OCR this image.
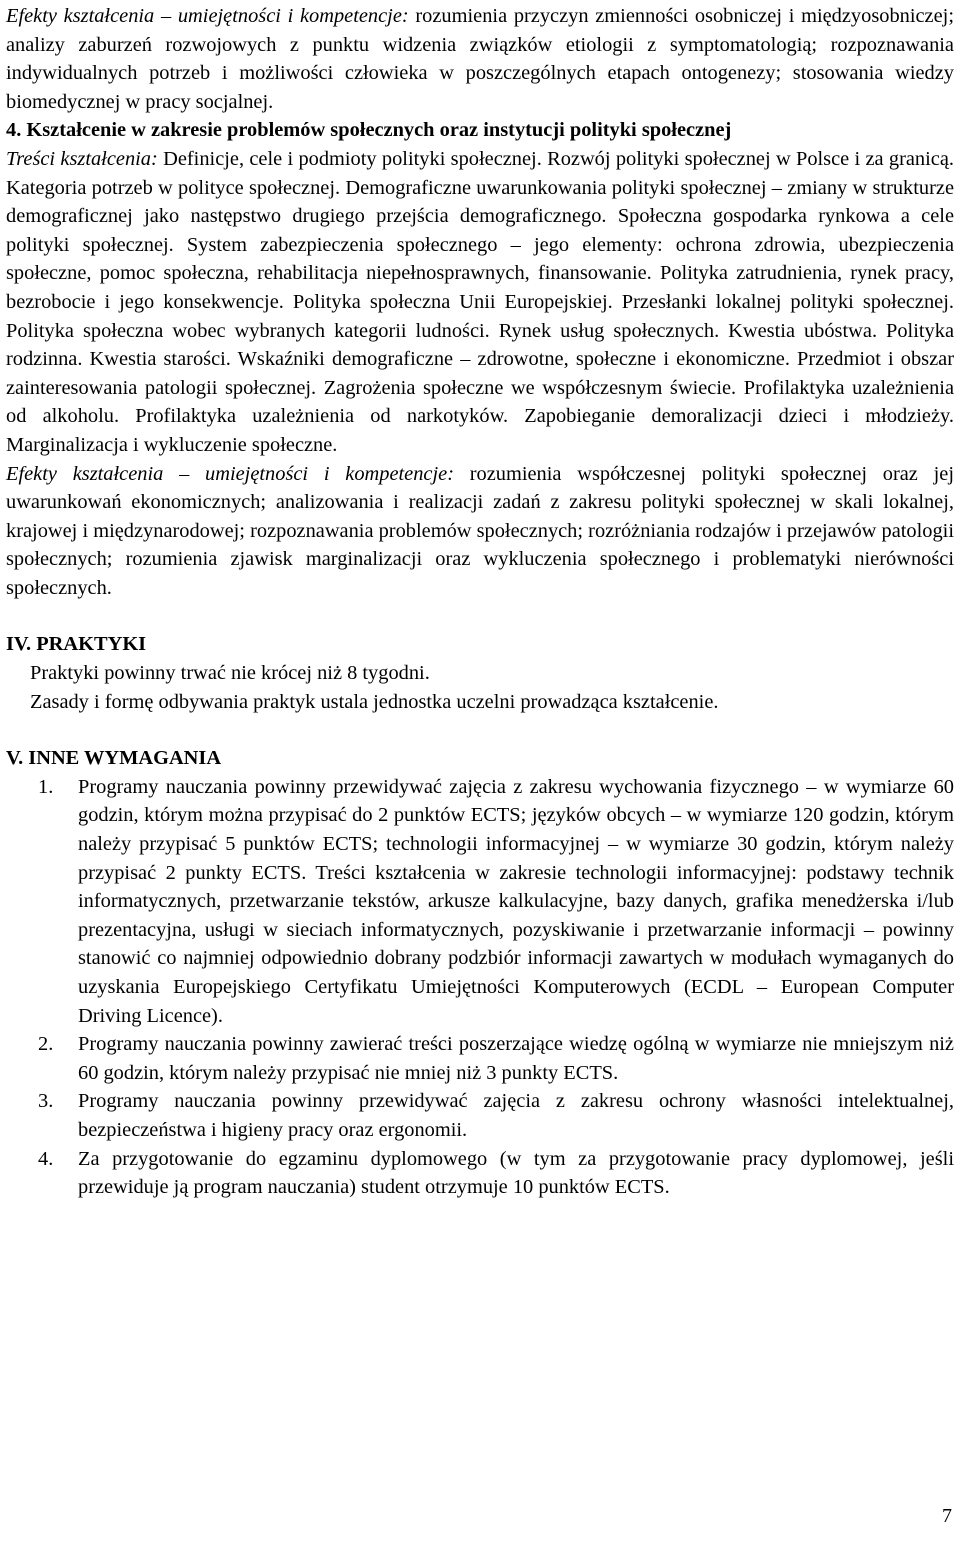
Efekty kształcenia – umiejętności i kompetencje: rozumienia przyczyn zmienności osobniczej i międzyosobniczej; analizy zaburzeń rozwojowych z punktu widzenia związków etiologii z symptomatologią; rozpoznawania indywidualnych potrzeb i możliwości człowieka w poszczególnych etapach ontogenezy; stosowania wiedzy biomedycznej w pracy socjalnej.

4. Kształcenie w zakresie problemów społecznych oraz instytucji polityki społecznej

Treści kształcenia: Definicje, cele i podmioty polityki społecznej. Rozwój polityki społecznej w Polsce i za granicą. Kategoria potrzeb w polityce społecznej. Demograficzne uwarunkowania polityki społecznej – zmiany w strukturze demograficznej jako następstwo drugiego przejścia demograficznego. Społeczna gospodarka rynkowa a cele polityki społecznej. System zabezpieczenia społecznego – jego elementy: ochrona zdrowia, ubezpieczenia społeczne, pomoc społeczna, rehabilitacja niepełnosprawnych, finansowanie. Polityka zatrudnienia, rynek pracy, bezrobocie i jego konsekwencje. Polityka społeczna Unii Europejskiej. Przesłanki lokalnej polityki społecznej. Polityka społeczna wobec wybranych kategorii ludności. Rynek usług społecznych. Kwestia ubóstwa. Polityka rodzinna. Kwestia starości. Wskaźniki demograficzne – zdrowotne, społeczne i ekonomiczne. Przedmiot i obszar zainteresowania patologii społecznej. Zagrożenia społeczne we współczesnym świecie. Profilaktyka uzależnienia od alkoholu. Profilaktyka uzależnienia od narkotyków. Zapobieganie demoralizacji dzieci i młodzieży. Marginalizacja i wykluczenie społeczne.

Efekty kształcenia – umiejętności i kompetencje: rozumienia współczesnej polityki społecznej oraz jej uwarunkowań ekonomicznych; analizowania i realizacji zadań z zakresu polityki społecznej w skali lokalnej, krajowej i międzynarodowej; rozpoznawania problemów społecznych; rozróżniania rodzajów i przejawów patologii społecznych; rozumienia zjawisk marginalizacji oraz wykluczenia społecznego i problematyki nierówności społecznych.

IV. PRAKTYKI

Praktyki powinny trwać nie krócej niż 8 tygodni.

Zasady i formę odbywania praktyk ustala jednostka uczelni prowadząca kształcenie.

V. INNE WYMAGANIA

1. Programy nauczania powinny przewidywać zajęcia z zakresu wychowania fizycznego – w wymiarze 60 godzin, którym można przypisać do 2 punktów ECTS; języków obcych – w wymiarze 120 godzin, którym należy przypisać 5 punktów ECTS; technologii informacyjnej – w wymiarze 30 godzin, którym należy przypisać 2 punkty ECTS. Treści kształcenia w zakresie technologii informacyjnej: podstawy technik informatycznych, przetwarzanie tekstów, arkusze kalkulacyjne, bazy danych, grafika menedżerska i/lub prezentacyjna, usługi w sieciach informatycznych, pozyskiwanie i przetwarzanie informacji – powinny stanowić co najmniej odpowiednio dobrany podzbiór informacji zawartych w modułach wymaganych do uzyskania Europejskiego Certyfikatu Umiejętności Komputerowych (ECDL – European Computer Driving Licence).
2. Programy nauczania powinny zawierać treści poszerzające wiedzę ogólną w wymiarze nie mniejszym niż 60 godzin, którym należy przypisać nie mniej niż 3 punkty ECTS.
3. Programy nauczania powinny przewidywać zajęcia z zakresu ochrony własności intelektualnej, bezpieczeństwa i higieny pracy oraz ergonomii.
4. Za przygotowanie do egzaminu dyplomowego (w tym za przygotowanie pracy dyplomowej, jeśli przewiduje ją program nauczania) student otrzymuje 10 punktów ECTS.
7
